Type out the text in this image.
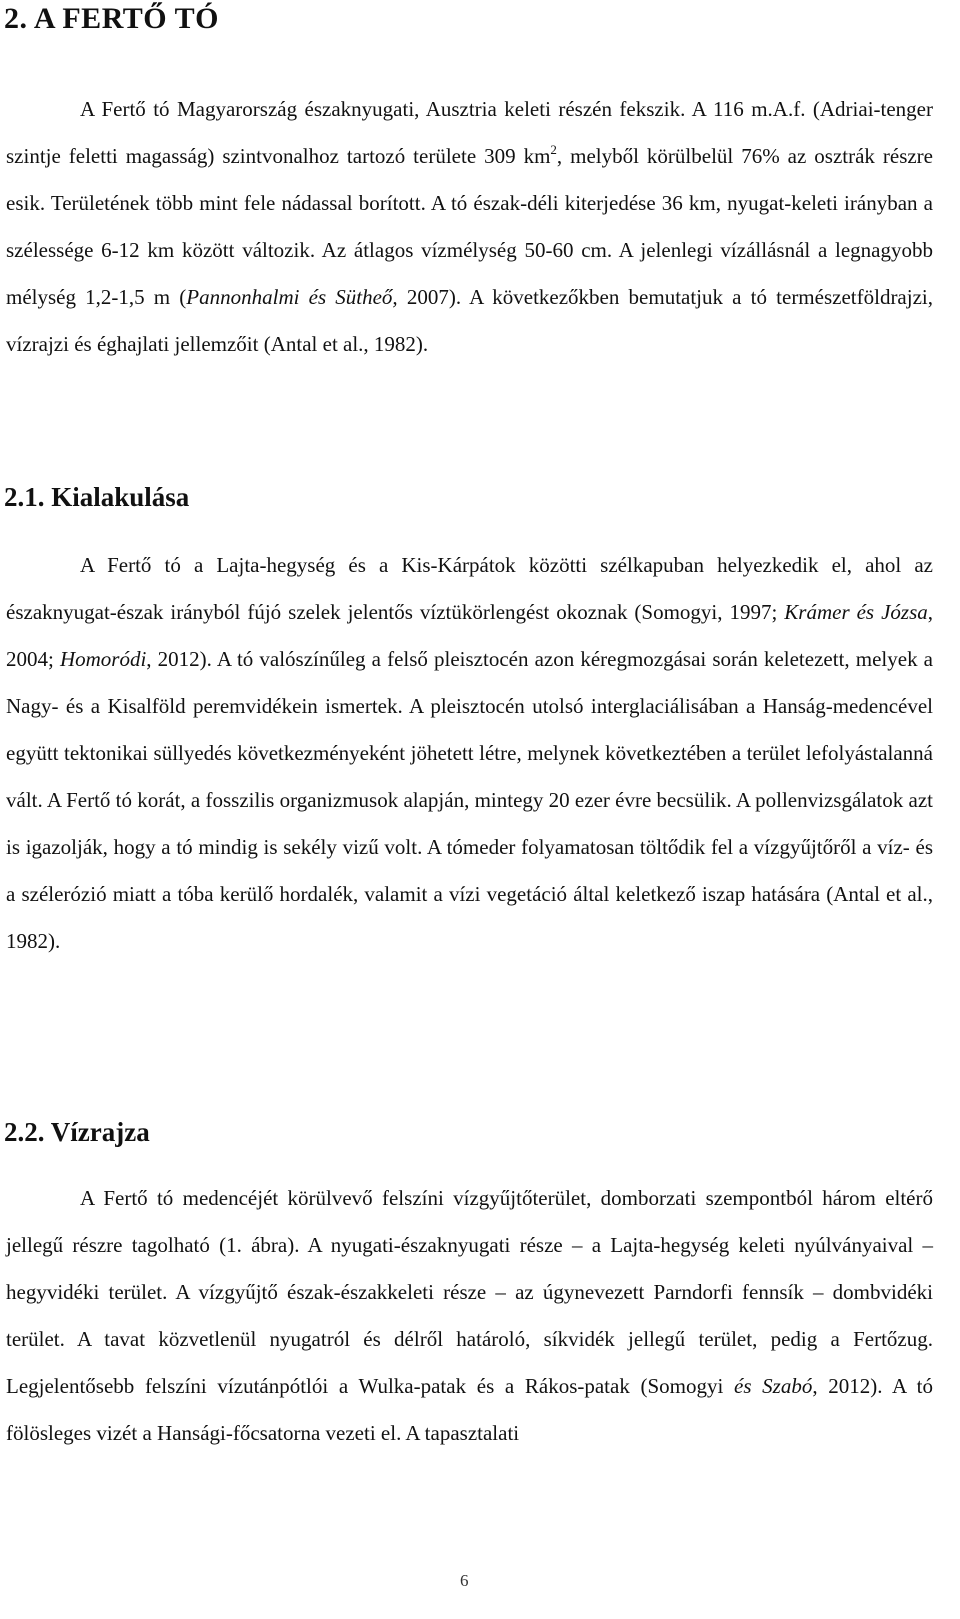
2. A FERTŐ TÓ

A Fertő tó Magyarország északnyugati, Ausztria keleti részén fekszik. A 116 m.A.f. (Adriai-tenger szintje feletti magasság) szintvonalhoz tartozó területe 309 $km^2$, melyből körülbelül 76% az osztrák részre esik. Területének több mint fele nádassal borított. A tó észak-déli kiterjedése 36 km, nyugat-keleti irányban a szélessége 6-12 km között változik. Az átlagos vízmélység 50-60 cm. A jelenlegi vízállásnál a legnagyobb mélység 1,2-1,5 m (Pannonhalmi és Sütheő, 2007). A következőkben bemutatjuk a tó természetföldrajzi, vízrajzi és éghajlati jellemzőit (Antal et al., 1982).

2.1. Kialakulása

A Fertő tó a Lajta-hegység és a Kis-Kárpátok közötti szélkapuban helyezkedik el, ahol az északnyugat-észak irányból fújó szelek jelentős víztükörlengést okoznak (Somogyi, 1997; Krámer és Józsa, 2004; Homoródi, 2012). A tó valószínűleg a felső pleisztocén azon kéregmozgásai során keletezett, melyek a Nagy- és a Kisalföld peremvidékein ismertek. A pleisztocén utolsó interglaciálisában a Hanság-medencével együtt tektonikai süllyedés következményeként jöhetett létre, melynek következtében a terület lefolyástalanná vált. A Fertő tó korát, a fosszilis organizmusok alapján, mintegy 20 ezer évre becsülik. A pollenvizsgálatok azt is igazolják, hogy a tó mindig is sekély vizű volt. A tómeder folyamatosan töltődik fel a vízgyűjtőről a víz- és a szélerózió miatt a tóba kerülő hordalék, valamit a vízi vegetáció által keletkező iszap hatására (Antal et al., 1982).

2.2. Vízrajza

A Fertő tó medencéjét körülvevő felszíni vízgyűjtőterület, domborzati szempontból három eltérő jellegű részre tagolható (1. ábra). A nyugati-északnyugati része – a Lajta-hegység keleti nyúlványaival – hegyvidéki terület. A vízgyűjtő észak-északkeleti része – az úgynevezett Parndorfi fennsík – dombvidéki terület. A tavat közvetlenül nyugatról és délről határoló, síkvidék jellegű terület, pedig a Fertőzug. Legjelentősebb felszíni vízutánpótlói a Wulka-patak és a Rákos-patak (Somogyi és Szabó, 2012). A tó fölösleges vizét a Hansági-főcsatorna vezeti el. A tapasztalati

6
